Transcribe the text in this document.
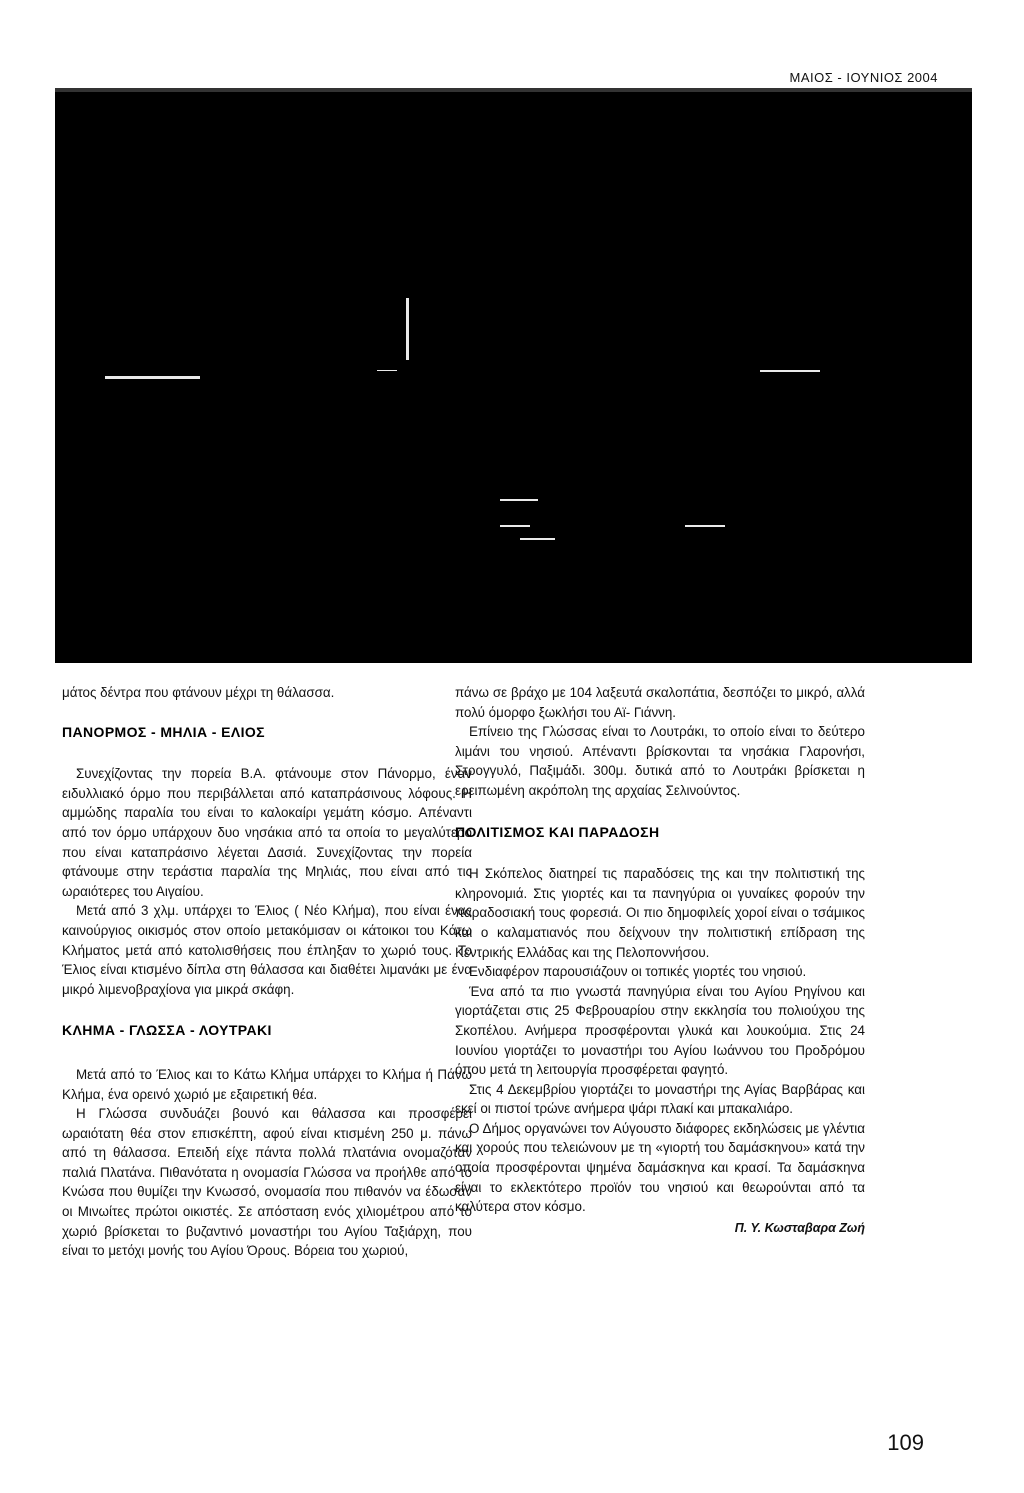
ΜΑΙΟΣ - ΙΟΥΝΙΟΣ 2004

μάτος δέντρα που φτάνουν μέχρι τη θάλασσα.

ΠΑΝΟΡΜΟΣ - ΜΗΛΙΑ - ΕΛΙΟΣ

Συνεχίζοντας την πορεία Β.Α. φτάνουμε στον Πάνορμο, έναν ειδυλλιακό όρμο που περιβάλλεται από καταπράσινους λόφους. Η αμμώδης παραλία του είναι το καλοκαίρι γεμάτη κόσμο. Απέναντι από τον όρμο υπάρχουν δυο νησάκια από τα οποία το μεγαλύτερο που είναι καταπράσινο λέγεται Δασιά. Συνεχίζοντας την πορεία φτάνουμε στην τεράστια παραλία της Μηλιάς, που είναι από τις ωραιότερες του Αιγαίου.

Μετά από 3 χλμ. υπάρχει το Έλιος ( Νέο Κλήμα), που είναι ένας καινούργιος οικισμός στον οποίο μετακόμισαν οι κάτοικοι του Κάτω Κλήματος μετά από κατολισθήσεις που έπληξαν το χωριό τους. Το Έλιος είναι κτισμένο δίπλα στη θάλασσα και διαθέτει λιμανάκι με ένα μικρό λιμενοβραχίονα για μικρά σκάφη.

ΚΛΗΜΑ - ΓΛΩΣΣΑ - ΛΟΥΤΡΑΚΙ

Μετά από το Έλιος και το Κάτω Κλήμα υπάρχει το Κλήμα ή Πάνω Κλήμα, ένα ορεινό χωριό με εξαιρετική θέα.

Η Γλώσσα συνδυάζει βουνό και θάλασσα και προσφέρει ωραιότατη θέα στον επισκέπτη, αφού είναι κτισμένη 250 μ. πάνω από τη θάλασσα. Επειδή είχε πάντα πολλά πλατάνια ονομαζόταν παλιά Πλατάνα. Πιθανότατα η ονομασία Γλώσσα να προήλθε από το Κνώσα που θυμίζει την Κνωσσό, ονομασία που πιθανόν να έδωσαν οι Μινωίτες πρώτοι οικιστές. Σε απόσταση ενός χιλιομέτρου από το χωριό βρίσκεται το βυζαντινό μοναστήρι του Αγίου Ταξιάρχη, που είναι το μετόχι μονής του Αγίου Όρους. Βόρεια του χωριού,

πάνω σε βράχο με 104 λαξευτά σκαλοπάτια, δεσπόζει το μικρό, αλλά πολύ όμορφο ξωκλήσι του Αϊ- Γιάννη.

Επίνειο της Γλώσσας είναι το Λουτράκι, το οποίο είναι το δεύτερο λιμάνι του νησιού. Απέναντι βρίσκονται τα νησάκια Γλαρονήσι, Στρογγυλό, Παξιμάδι. 300μ. δυτικά από το Λουτράκι βρίσκεται η ερειπωμένη ακρόπολη της αρχαίας Σελινούντος.

ΠΟΛΙΤΙΣΜΟΣ ΚΑΙ ΠΑΡΑΔΟΣΗ

Η Σκόπελος διατηρεί τις παραδόσεις της και την πολιτιστική της κληρονομιά. Στις γιορτές και τα πανηγύρια οι γυναίκες φορούν την παραδοσιακή τους φορεσιά. Οι πιο δημοφιλείς χοροί είναι ο τσάμικος και ο καλαματιανός που δείχνουν την πολιτιστική επίδραση της Κεντρικής Ελλάδας και της Πελοποννήσου.

Ενδιαφέρον παρουσιάζουν οι τοπικές γιορτές του νησιού.

Ένα από τα πιο γνωστά πανηγύρια είναι του Αγίου Ρηγίνου και γιορτάζεται στις 25 Φεβρουαρίου στην εκκλησία του πολιούχου της Σκοπέλου. Ανήμερα προσφέρονται γλυκά και λουκούμια. Στις 24 Ιουνίου γιορτάζει το μοναστήρι του Αγίου Ιωάννου του Προδρόμου όπου μετά τη λειτουργία προσφέρεται φαγητό.

Στις 4 Δεκεμβρίου γιορτάζει το μοναστήρι της Αγίας Βαρβάρας και εκεί οι πιστοί τρώνε ανήμερα ψάρι πλακί και μπακαλιάρο.

Ο Δήμος οργανώνει τον Αύγουστο διάφορες εκδηλώσεις με γλέντια και χορούς που τελειώνουν με τη «γιορτή του δαμάσκηνου» κατά την οποία προσφέρονται ψημένα δαμάσκηνα και κρασί. Τα δαμάσκηνα είναι το εκλεκτότερο προϊόν του νησιού και θεωρούνται από τα καλύτερα στον κόσμο.

Π. Υ. Κωσταβαρα Ζωή
109
